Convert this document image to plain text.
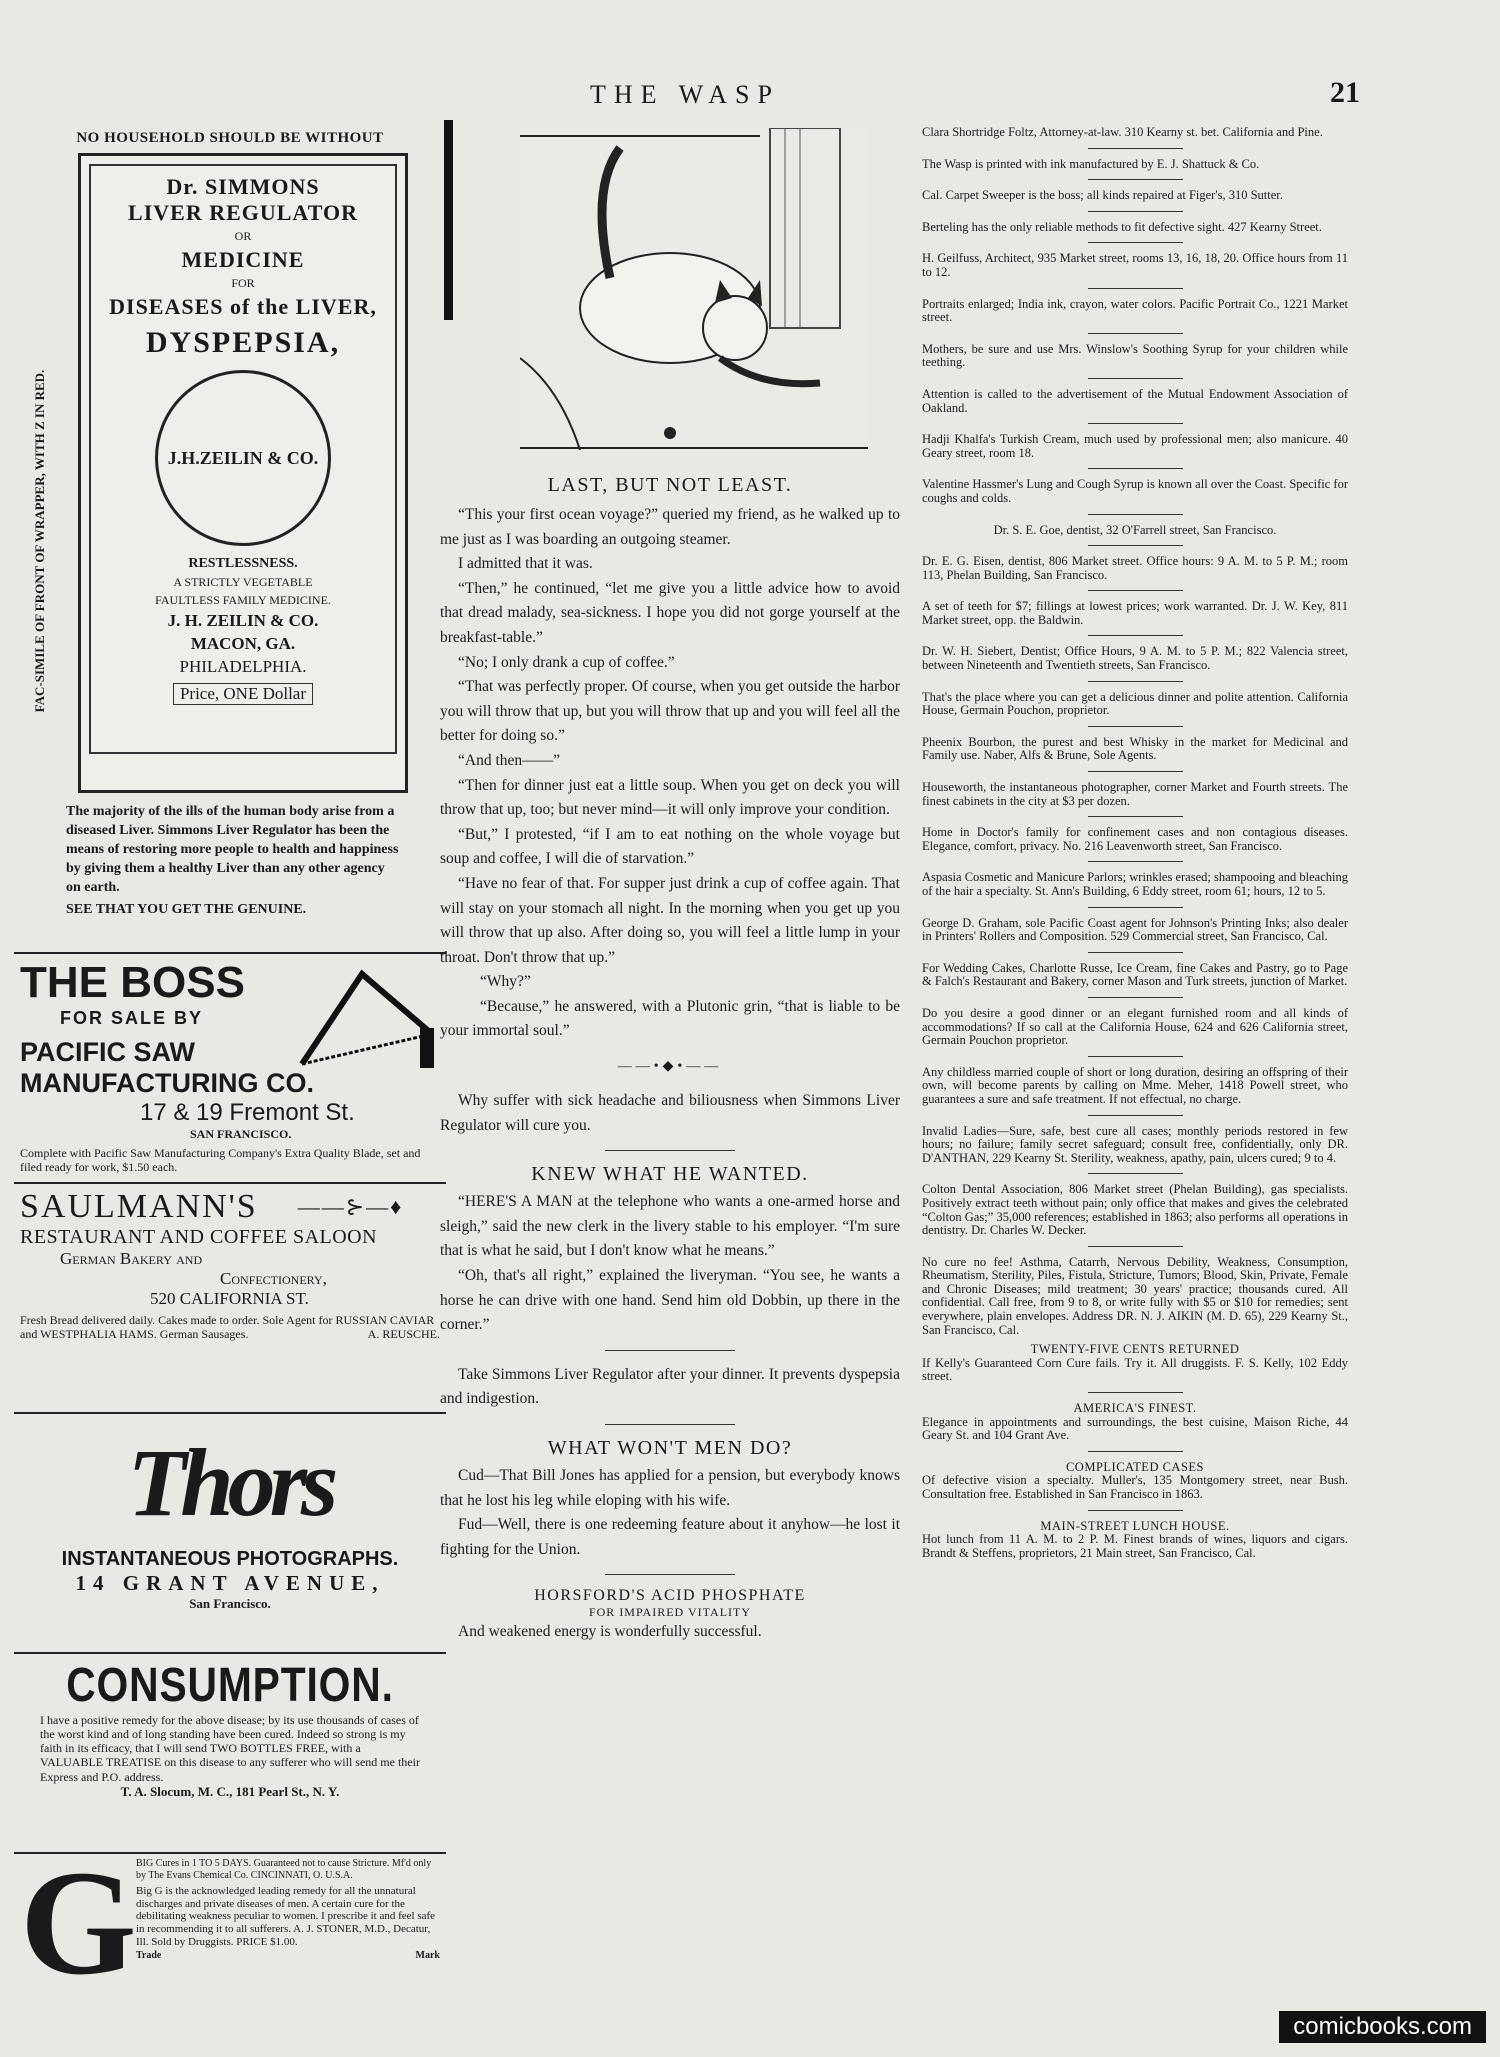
THE WASP	21
NO HOUSEHOLD SHOULD BE WITHOUT
FAC-SIMILE OF FRONT OF WRAPPER, WITH Z IN RED.
Dr. SIMMONS
LIVER REGULATOR
OR
MEDICINE
FOR
DISEASES of the LIVER,
DYSPEPSIA,
J.H.ZEILIN & CO.
RESTLESSNESS.
A STRICTLY VEGETABLE
FAULTLESS FAMILY MEDICINE.
J. H. ZEILIN & CO.
MACON, GA.
PHILADELPHIA.
Price, ONE Dollar
The majority of the ills of the human body arise from a diseased Liver. Simmons Liver Regulator has been the means of restoring more people to health and happiness by giving them a healthy Liver than any other agency on earth.
SEE THAT YOU GET THE GENUINE.
THE BOSS
FOR SALE BY
PACIFIC SAW MANUFACTURING CO.
17 & 19 Fremont St.
SAN FRANCISCO.
Complete with Pacific Saw Manufacturing Company's Extra Quality Blade, set and filed ready for work, $1.50 each.
SAULMANN'S ——⊱—♦
RESTAURANT AND COFFEE SALOON
German Bakery and
Confectionery,
520 CALIFORNIA ST.
Fresh Bread delivered daily. Cakes made to order. Sole Agent for RUSSIAN CAVIAR and WESTPHALIA HAMS. German Sausages.	A. REUSCHE.
Thors
INSTANTANEOUS PHOTOGRAPHS.
14 GRANT AVENUE,
San Francisco.
CONSUMPTION.
I have a positive remedy for the above disease; by its use thousands of cases of the worst kind and of long standing have been cured. Indeed so strong is my faith in its efficacy, that I will send TWO BOTTLES FREE, with a VALUABLE TREATISE on this disease to any sufferer who will send me their Express and P.O. address.
T. A. Slocum, M. C., 181 Pearl St., N. Y.
G BIG Cures in 1 TO 5 DAYS. Guaranteed not to cause Stricture. Mf'd only by The Evans Chemical Co. CINCINNATI, O. U.S.A.
Big G is the acknowledged leading remedy for all the unnatural discharges and private diseases of men. A certain cure for the debilitating weakness peculiar to women. I prescribe it and feel safe in recommending it to all sufferers. A. J. STONER, M.D., Decatur, Ill. Sold by Druggists. PRICE $1.00.
Trade	Mark
LAST, BUT NOT LEAST.

“This your first ocean voyage?” queried my friend, as he walked up to me just as I was boarding an outgoing steamer.

I admitted that it was.

“Then,” he continued, “let me give you a little advice how to avoid that dread malady, sea-sickness. I hope you did not gorge yourself at the breakfast-table.”

“No; I only drank a cup of coffee.”

“That was perfectly proper. Of course, when you get outside the harbor you will throw that up, but you will throw that up and you will feel all the better for doing so.”

“And then——”

“Then for dinner just eat a little soup. When you get on deck you will throw that up, too; but never mind—it will only improve your condition.

“But,” I protested, “if I am to eat nothing on the whole voyage but soup and coffee, I will die of starvation.”

“Have no fear of that. For supper just drink a cup of coffee again. That will stay on your stomach all night. In the morning when you get up you will throw that up also. After doing so, you will feel a little lump in your throat. Don't throw that up.”

“Why?”

“Because,” he answered, with a Plutonic grin, “that is liable to be your immortal soul.”

——•◆•——

Why suffer with sick headache and biliousness when Simmons Liver Regulator will cure you.

KNEW WHAT HE WANTED.

“HERE'S A MAN at the telephone who wants a one-armed horse and sleigh,” said the new clerk in the livery stable to his employer. “I'm sure that is what he said, but I don't know what he means.”

“Oh, that's all right,” explained the liveryman. “You see, he wants a horse he can drive with one hand. Send him old Dobbin, up there in the corner.”

Take Simmons Liver Regulator after your dinner. It prevents dyspepsia and indigestion.

WHAT WON'T MEN DO?

Cud—That Bill Jones has applied for a pension, but everybody knows that he lost his leg while eloping with his wife.

Fud—Well, there is one redeeming feature about it anyhow—he lost it fighting for the Union.

HORSFORD'S ACID PHOSPHATE
FOR IMPAIRED VITALITY

And weakened energy is wonderfully successful.

Clara Shortridge Foltz, Attorney-at-law. 310 Kearny st. bet. California and Pine.

The Wasp is printed with ink manufactured by E. J. Shattuck & Co.

Cal. Carpet Sweeper is the boss; all kinds repaired at Figer's, 310 Sutter.

Berteling has the only reliable methods to fit defective sight. 427 Kearny Street.

H. Geilfuss, Architect, 935 Market street, rooms 13, 16, 18, 20. Office hours from 11 to 12.

Portraits enlarged; India ink, crayon, water colors. Pacific Portrait Co., 1221 Market street.

Mothers, be sure and use Mrs. Winslow's Soothing Syrup for your children while teething.

Attention is called to the advertisement of the Mutual Endowment Association of Oakland.

Hadji Khalfa's Turkish Cream, much used by professional men; also manicure. 40 Geary street, room 18.

Valentine Hassmer's Lung and Cough Syrup is known all over the Coast. Specific for coughs and colds.

Dr. S. E. Goe, dentist, 32 O'Farrell street, San Francisco.

Dr. E. G. Eisen, dentist, 806 Market street. Office hours: 9 A. M. to 5 P. M.; room 113, Phelan Building, San Francisco.

A set of teeth for $7; fillings at lowest prices; work warranted. Dr. J. W. Key, 811 Market street, opp. the Baldwin.

Dr. W. H. Siebert, Dentist; Office Hours, 9 A. M. to 5 P. M.; 822 Valencia street, between Nineteenth and Twentieth streets, San Francisco.

That's the place where you can get a delicious dinner and polite attention. California House, Germain Pouchon, proprietor.

Pheenix Bourbon, the purest and best Whisky in the market for Medicinal and Family use. Naber, Alfs & Brune, Sole Agents.

Houseworth, the instantaneous photographer, corner Market and Fourth streets. The finest cabinets in the city at $3 per dozen.

Home in Doctor's family for confinement cases and non contagious diseases. Elegance, comfort, privacy. No. 216 Leavenworth street, San Francisco.

Aspasia Cosmetic and Manicure Parlors; wrinkles erased; shampooing and bleaching of the hair a specialty. St. Ann's Building, 6 Eddy street, room 61; hours, 12 to 5.

George D. Graham, sole Pacific Coast agent for Johnson's Printing Inks; also dealer in Printers' Rollers and Composition. 529 Commercial street, San Francisco, Cal.

For Wedding Cakes, Charlotte Russe, Ice Cream, fine Cakes and Pastry, go to Page & Falch's Restaurant and Bakery, corner Mason and Turk streets, junction of Market.

Do you desire a good dinner or an elegant furnished room and all kinds of accommodations? If so call at the California House, 624 and 626 California street, Germain Pouchon proprietor.

Any childless married couple of short or long duration, desiring an offspring of their own, will become parents by calling on Mme. Meher, 1418 Powell street, who guarantees a sure and safe treatment. If not effectual, no charge.

Invalid Ladies—Sure, safe, best cure all cases; monthly periods restored in few hours; no failure; family secret safeguard; consult free, confidentially, only DR. D'ANTHAN, 229 Kearny St. Sterility, weakness, apathy, pain, ulcers cured; 9 to 4.

Colton Dental Association, 806 Market street (Phelan Building), gas specialists. Positively extract teeth without pain; only office that makes and gives the celebrated “Colton Gas;” 35,000 references; established in 1863; also performs all operations in dentistry. Dr. Charles W. Decker.

No cure no fee! Asthma, Catarrh, Nervous Debility, Weakness, Consumption, Rheumatism, Sterility, Piles, Fistula, Stricture, Tumors; Blood, Skin, Private, Female and Chronic Diseases; mild treatment; 30 years' practice; thousands cured. All confidential. Call free, from 9 to 8, or write fully with $5 or $10 for remedies; sent everywhere, plain envelopes. Address DR. N. J. AIKIN (M. D. 65), 229 Kearny St., San Francisco, Cal.

TWENTY-FIVE CENTS RETURNED

If Kelly's Guaranteed Corn Cure fails. Try it. All druggists. F. S. Kelly, 102 Eddy street.

AMERICA'S FINEST.

Elegance in appointments and surroundings, the best cuisine, Maison Riche, 44 Geary St. and 104 Grant Ave.

COMPLICATED CASES

Of defective vision a specialty. Muller's, 135 Montgomery street, near Bush. Consultation free. Established in San Francisco in 1863.

MAIN-STREET LUNCH HOUSE.

Hot lunch from 11 A. M. to 2 P. M. Finest brands of wines, liquors and cigars. Brandt & Steffens, proprietors, 21 Main street, San Francisco, Cal.

comicbooks.com
